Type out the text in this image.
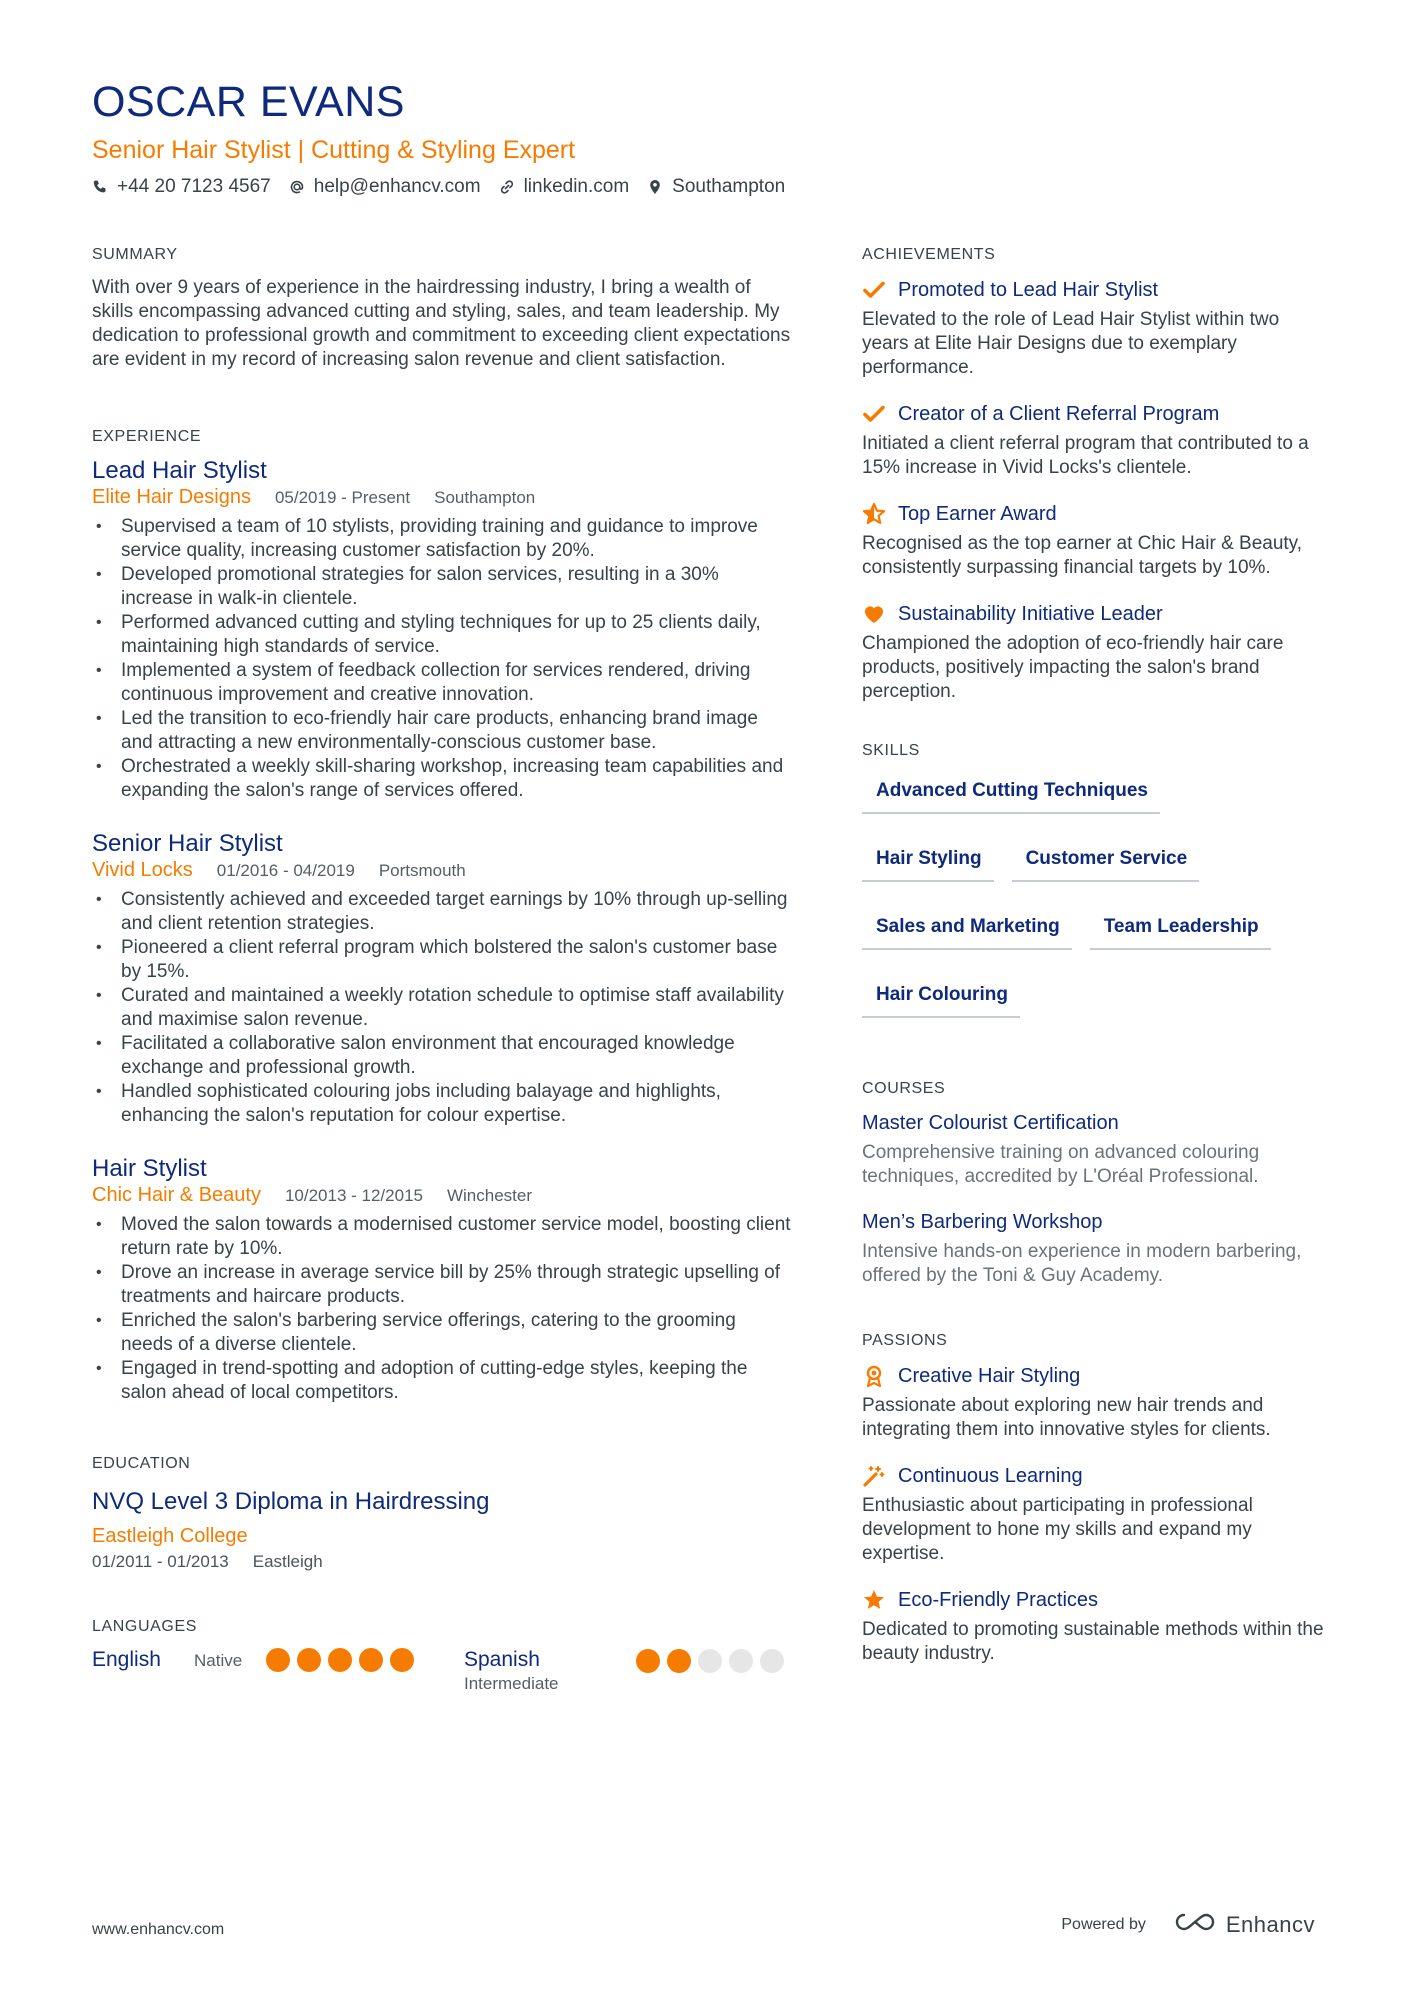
OSCAR EVANS
Senior Hair Stylist | Cutting & Styling Expert
+44 20 7123 4567 help@enhancv.com linkedin.com Southampton
SUMMARY
With over 9 years of experience in the hairdressing industry, I bring a wealth of skills encompassing advanced cutting and styling, sales, and team leadership. My dedication to professional growth and commitment to exceeding client expectations are evident in my record of increasing salon revenue and client satisfaction.
EXPERIENCE
Lead Hair Stylist
Elite Hair Designs 05/2019 - Present Southampton
• Supervised a team of 10 stylists, providing training and guidance to improve service quality, increasing customer satisfaction by 20%.
• Developed promotional strategies for salon services, resulting in a 30% increase in walk-in clientele.
• Performed advanced cutting and styling techniques for up to 25 clients daily, maintaining high standards of service.
• Implemented a system of feedback collection for services rendered, driving continuous improvement and creative innovation.
• Led the transition to eco-friendly hair care products, enhancing brand image and attracting a new environmentally-conscious customer base.
• Orchestrated a weekly skill-sharing workshop, increasing team capabilities and expanding the salon's range of services offered.
Senior Hair Stylist
Vivid Locks 01/2016 - 04/2019 Portsmouth
• Consistently achieved and exceeded target earnings by 10% through up-selling and client retention strategies.
• Pioneered a client referral program which bolstered the salon's customer base by 15%.
• Curated and maintained a weekly rotation schedule to optimise staff availability and maximise salon revenue.
• Facilitated a collaborative salon environment that encouraged knowledge exchange and professional growth.
• Handled sophisticated colouring jobs including balayage and highlights, enhancing the salon's reputation for colour expertise.
Hair Stylist
Chic Hair & Beauty 10/2013 - 12/2015 Winchester
• Moved the salon towards a modernised customer service model, boosting client return rate by 10%.
• Drove an increase in average service bill by 25% through strategic upselling of treatments and haircare products.
• Enriched the salon's barbering service offerings, catering to the grooming needs of a diverse clientele.
• Engaged in trend-spotting and adoption of cutting-edge styles, keeping the salon ahead of local competitors.
EDUCATION
NVQ Level 3 Diploma in Hairdressing
Eastleigh College
01/2011 - 01/2013 Eastleigh
LANGUAGES
English	Native	Spanish
Intermediate
ACHIEVEMENTS
Promoted to Lead Hair Stylist
Elevated to the role of Lead Hair Stylist within two years at Elite Hair Designs due to exemplary performance.
Creator of a Client Referral Program
Initiated a client referral program that contributed to a 15% increase in Vivid Locks's clientele.
Top Earner Award
Recognised as the top earner at Chic Hair & Beauty, consistently surpassing financial targets by 10%.
Sustainability Initiative Leader
Championed the adoption of eco-friendly hair care products, positively impacting the salon's brand perception.
SKILLS
Advanced Cutting Techniques
Hair Styling	Customer Service
Sales and Marketing	Team Leadership
Hair Colouring
COURSES
Master Colourist Certification
Comprehensive training on advanced colouring techniques, accredited by L'Oréal Professional.
Men’s Barbering Workshop
Intensive hands-on experience in modern barbering, offered by the Toni & Guy Academy.
PASSIONS
Creative Hair Styling
Passionate about exploring new hair trends and integrating them into innovative styles for clients.
Continuous Learning
Enthusiastic about participating in professional development to hone my skills and expand my expertise.
Eco-Friendly Practices
Dedicated to promoting sustainable methods within the beauty industry.
www.enhancv.com	Powered by	Enhancv
